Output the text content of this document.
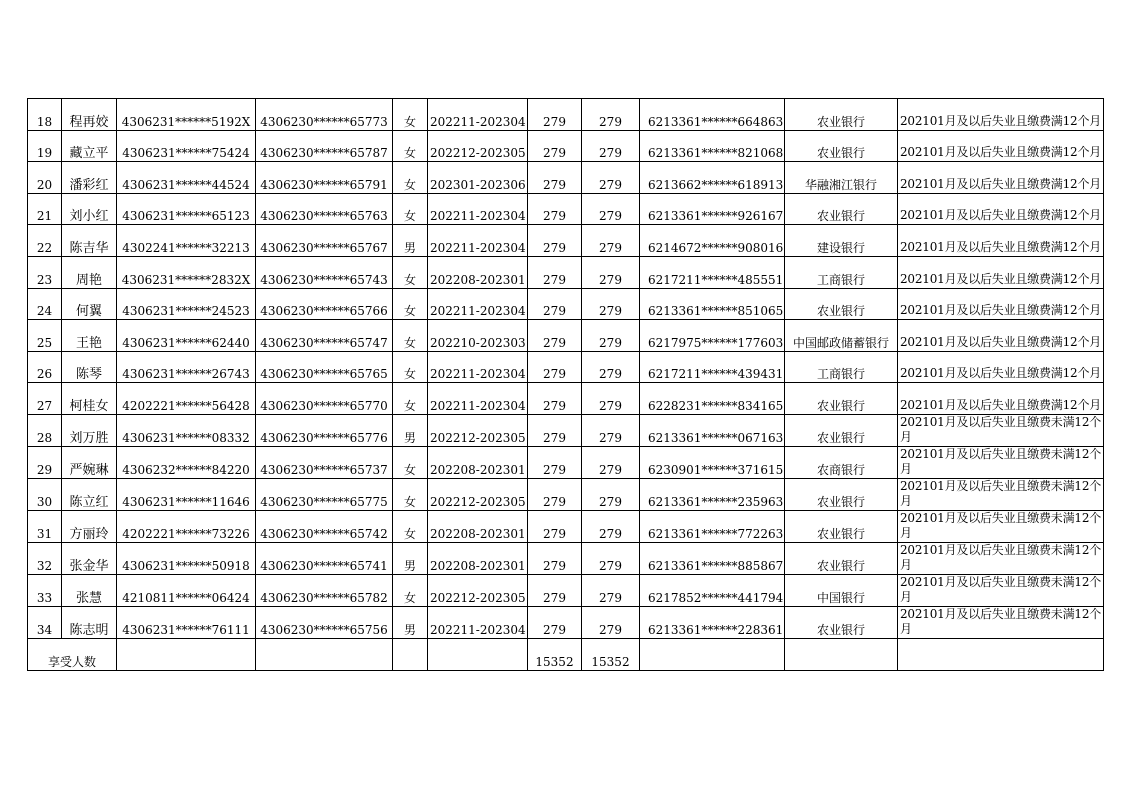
18	程再姣	4306231******5192X	4306230******65773	女	202211-202304	279	279	6213361******664863	农业银行	202101月及以后失业且缴费满12个月
19	藏立平	4306231******75424	4306230******65787	女	202212-202305	279	279	6213361******821068	农业银行	202101月及以后失业且缴费满12个月
20	潘彩红	4306231******44524	4306230******65791	女	202301-202306	279	279	6213662******618913	华融湘江银行	202101月及以后失业且缴费满12个月
21	刘小红	4306231******65123	4306230******65763	女	202211-202304	279	279	6213361******926167	农业银行	202101月及以后失业且缴费满12个月
22	陈吉华	4302241******32213	4306230******65767	男	202211-202304	279	279	6214672******908016	建设银行	202101月及以后失业且缴费满12个月
23	周艳	4306231******2832X	4306230******65743	女	202208-202301	279	279	6217211******485551	工商银行	202101月及以后失业且缴费满12个月
24	何翼	4306231******24523	4306230******65766	女	202211-202304	279	279	6213361******851065	农业银行	202101月及以后失业且缴费满12个月
25	王艳	4306231******62440	4306230******65747	女	202210-202303	279	279	6217975******177603	中国邮政储蓄银行	202101月及以后失业且缴费满12个月
26	陈琴	4306231******26743	4306230******65765	女	202211-202304	279	279	6217211******439431	工商银行	202101月及以后失业且缴费满12个月
27	柯桂女	4202221******56428	4306230******65770	女	202211-202304	279	279	6228231******834165	农业银行	202101月及以后失业且缴费满12个月
28	刘万胜	4306231******08332	4306230******65776	男	202212-202305	279	279	6213361******067163	农业银行	202101月及以后失业且缴费未满12个月
29	严婉琳	4306232******84220	4306230******65737	女	202208-202301	279	279	6230901******371615	农商银行	202101月及以后失业且缴费未满12个月
30	陈立红	4306231******11646	4306230******65775	女	202212-202305	279	279	6213361******235963	农业银行	202101月及以后失业且缴费未满12个月
31	方丽玲	4202221******73226	4306230******65742	女	202208-202301	279	279	6213361******772263	农业银行	202101月及以后失业且缴费未满12个月
32	张金华	4306231******50918	4306230******65741	男	202208-202301	279	279	6213361******885867	农业银行	202101月及以后失业且缴费未满12个月
33	张慧	4210811******06424	4306230******65782	女	202212-202305	279	279	6217852******441794	中国银行	202101月及以后失业且缴费未满12个月
34	陈志明	4306231******76111	4306230******65756	男	202211-202304	279	279	6213361******228361	农业银行	202101月及以后失业且缴费未满12个月
享受人数						15352	15352			
